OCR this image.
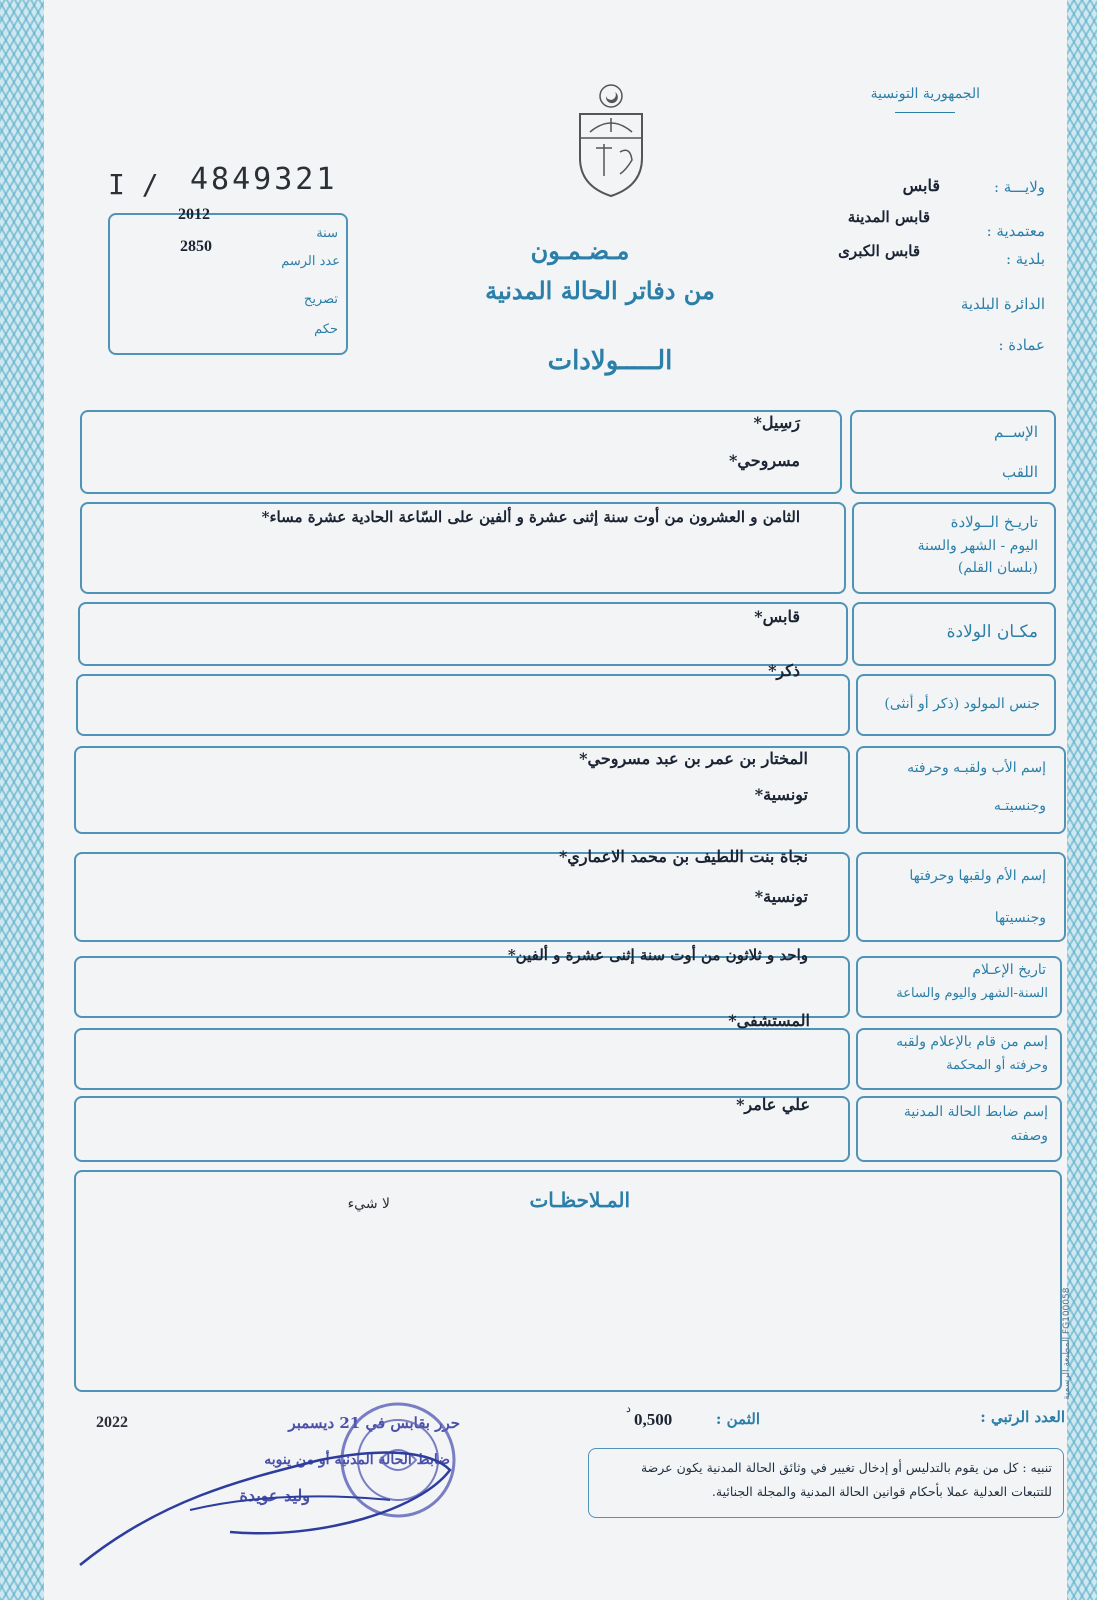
الجمهورية التونسية
I / 4849321
2012
سنة
2850
عدد الرسم
تصريح
حكم
ولايـــة :
قابس
معتمدية :
قابس المدينة
بلدية :
قابس الكبرى
الدائرة البلدية
عمادة :
مـضـمـون
من دفاتر الحالة المدنية
الـــــولادات
الإســم
اللقب
رَسِيل*
مسروحي*
تاريـخ الــولادة
اليوم - الشهر والسنة
(بلسان القلم)
الثامن و العشرون من أوت سنة إثنى عشرة و ألفين على السّاعة الحادية عشرة مساء*
مكـان الولادة
قابس*
جنس المولود (ذكر أو أنثى)
ذكر*
إسم الأب ولقبـه وحرفته
وجنسيتـه
المختار بن عمر بن عبد مسروحي*
تونسية*
إسم الأم ولقبها وحرفتها
وجنسيتها
نجاة بنت اللطيف بن محمد الاعماري*
تونسية*
تاريخ الإعـلام
السنة-الشهر واليوم والساعة
واحد و ثلاثون من أوت سنة إثنى عشرة و ألفين*
إسم من قام بالإعلام ولقبه
وحرفته أو المحكمة
المستشفى*
إسم ضابط الحالة المدنية
وصفته
علي عامر*
المـلاحظـات
لا شيء
المطبعة الرسمية FG100058
العدد الرتبي :
الثمن :
0,500
د
2022	حرر بقابس في 21 ديسمبر
ضابط الحالة المدنية أو من ينوبه
وليد عويدة
تنبيه : كل من يقوم بالتدليس أو إدخال تغيير في وثائق الحالة المدنية يكون عرضة للتتبعات العدلية عملا بأحكام قوانين الحالة المدنية والمجلة الجنائية.
